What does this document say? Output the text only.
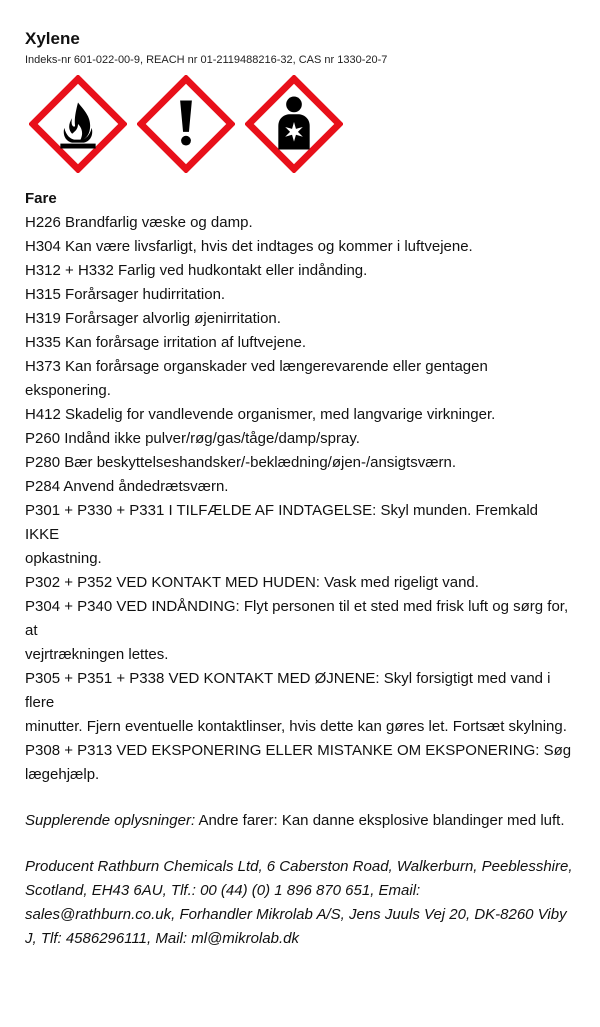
Xylene
Indeks-nr 601-022-00-9, REACH nr 01-2119488216-32, CAS nr 1330-20-7
Fare
H226 Brandfarlig væske og damp.
H304 Kan være livsfarligt, hvis det indtages og kommer i luftvejene.
H312 + H332 Farlig ved hudkontakt eller indånding.
H315 Forårsager hudirritation.
H319 Forårsager alvorlig øjenirritation.
H335 Kan forårsage irritation af luftvejene.
H373 Kan forårsage organskader ved længerevarende eller gentagen eksponering.
H412 Skadelig for vandlevende organismer, med langvarige virkninger.
P260 Indånd ikke pulver/røg/gas/tåge/damp/spray.
P280 Bær beskyttelseshandsker/-beklædning/øjen-/ansigtsværn.
P284 Anvend åndedrætsværn.
P301 + P330 + P331 I TILFÆLDE AF INDTAGELSE: Skyl munden. Fremkald IKKE
opkastning.
P302 + P352 VED KONTAKT MED HUDEN: Vask med rigeligt vand.
P304 + P340 VED INDÅNDING: Flyt personen til et sted med frisk luft og sørg for, at
vejrtrækningen lettes.
P305 + P351 + P338 VED KONTAKT MED ØJNENE: Skyl forsigtigt med vand i flere
minutter. Fjern eventuelle kontaktlinser, hvis dette kan gøres let. Fortsæt skylning.
P308 + P313 VED EKSPONERING ELLER MISTANKE OM EKSPONERING: Søg lægehjælp.
Supplerende oplysninger: Andre farer: Kan danne eksplosive blandinger med luft.
Producent Rathburn Chemicals Ltd, 6 Caberston Road, Walkerburn, Peeblesshire, Scotland, EH43 6AU, Tlf.: 00 (44) (0) 1 896 870 651, Email: sales@rathburn.co.uk, Forhandler Mikrolab A/S, Jens Juuls Vej 20, DK-8260 Viby J, Tlf: 4586296111, Mail: ml@mikrolab.dk
